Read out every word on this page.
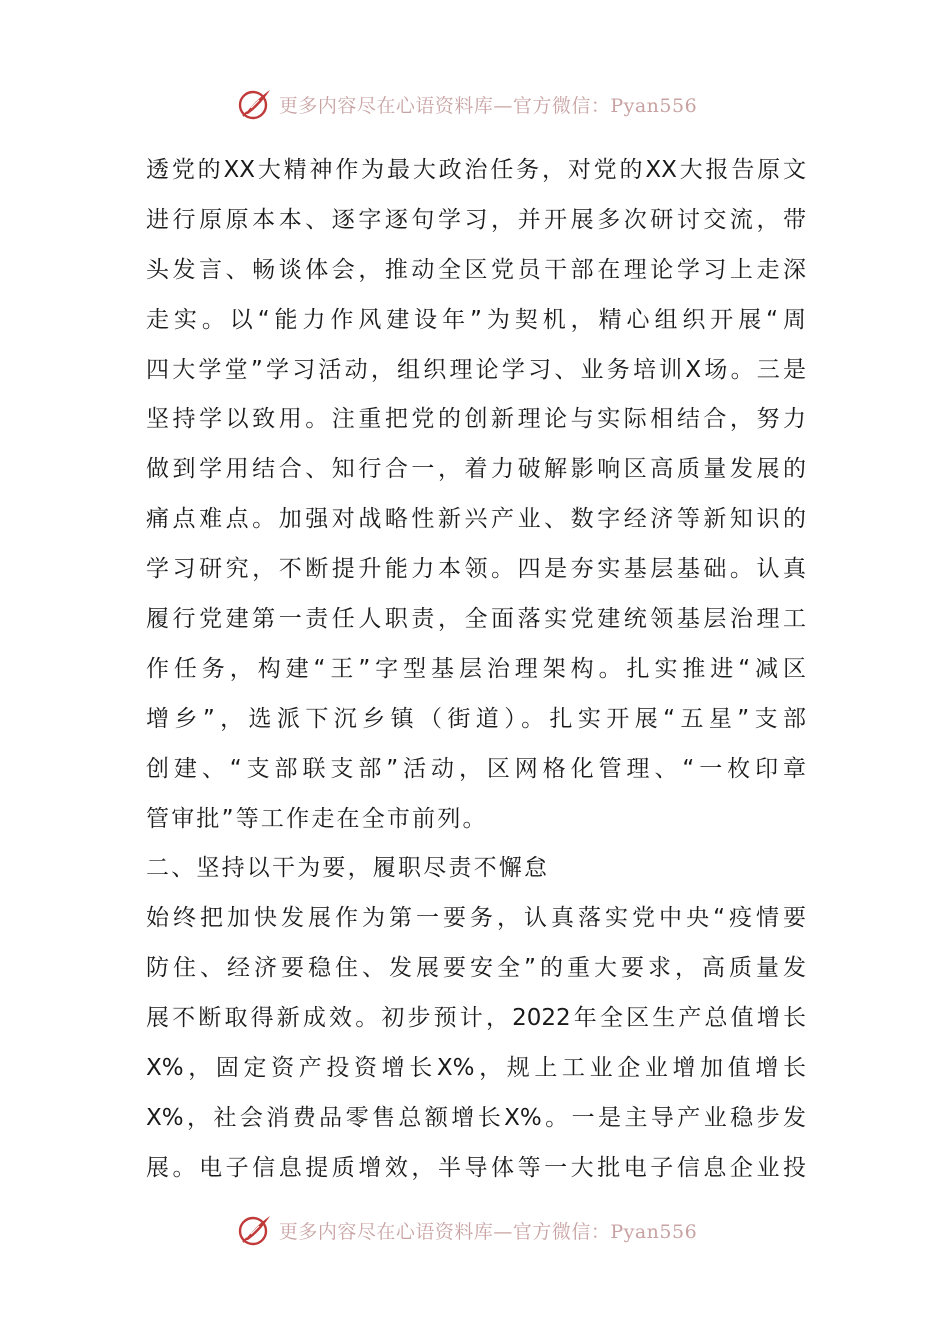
更多内容尽在心语资料库—官方微信：Pyan556
透党的XX大精神作为最大政治任务，对党的XX大报告原文
进行原原本本、逐字逐句学习，并开展多次研讨交流，带
头发言、畅谈体会，推动全区党员干部在理论学习上走深
走实。以“能力作风建设年”为契机，精心组织开展“周
四大学堂”学习活动，组织理论学习、业务培训X场。三是
坚持学以致用。注重把党的创新理论与实际相结合，努力
做到学用结合、知行合一，着力破解影响区高质量发展的
痛点难点。加强对战略性新兴产业、数字经济等新知识的
学习研究，不断提升能力本领。四是夯实基层基础。认真
履行党建第一责任人职责，全面落实党建统领基层治理工
作任务，构建“王”字型基层治理架构。扎实推进“减区
增乡”，选派下沉乡镇（街道）。扎实开展“五星”支部
创建、“支部联支部”活动，区网格化管理、“一枚印章
管审批”等工作走在全市前列。
二、坚持以干为要，履职尽责不懈怠
始终把加快发展作为第一要务，认真落实党中央“疫情要
防住、经济要稳住、发展要安全”的重大要求，高质量发
展不断取得新成效。初步预计，2022年全区生产总值增长
X%，固定资产投资增长X%，规上工业企业增加值增长
X%，社会消费品零售总额增长X%。一是主导产业稳步发
展。电子信息提质增效，半导体等一大批电子信息企业投
更多内容尽在心语资料库—官方微信：Pyan556
